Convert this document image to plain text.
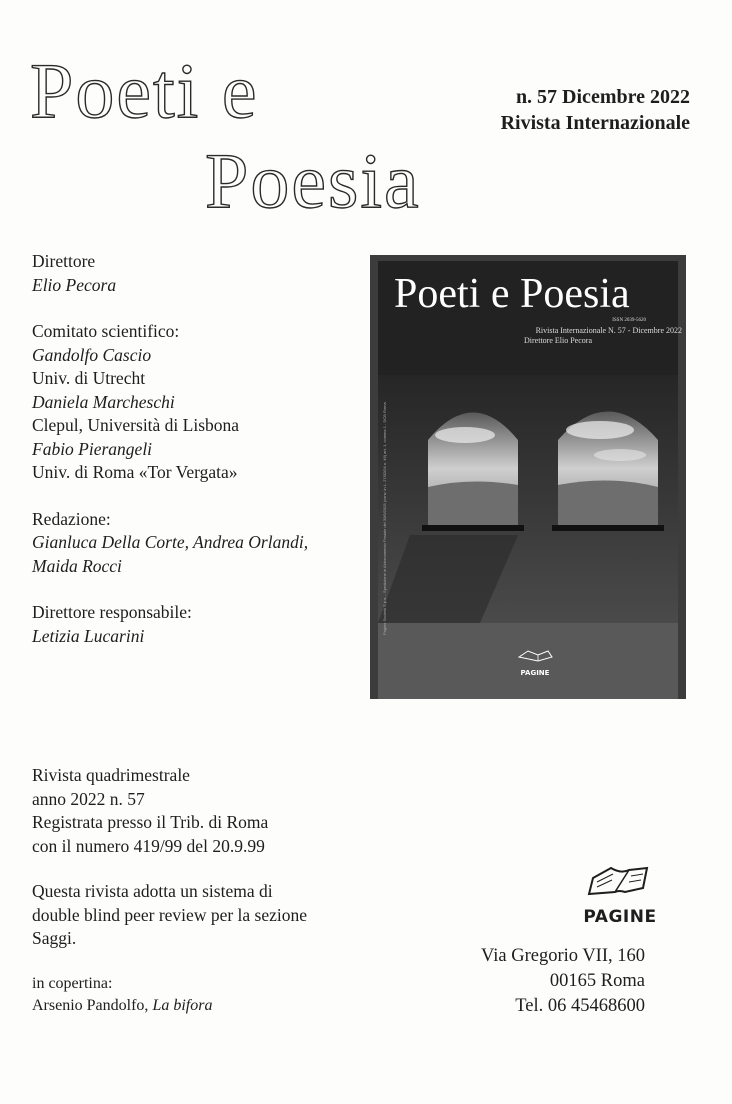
Poeti e
Poesia
n. 57 Dicembre 2022
Rivista Internazionale
Direttore
Elio Pecora
Comitato scientifico:
Gandolfo Cascio
Univ. di Utrecht
Daniela Marcheschi
Clepul, Università di Lisbona
Fabio Pierangeli
Univ. di Roma «Tor Vergata»
Redazione:
Gianluca Della Corte, Andrea Orlandi,
Maida Rocci
Direttore responsabile:
Letizia Lucarini
Poeti e Poesia
ISSN 2039-5620
Rivista Internazionale N. 57 - Dicembre 2022
Direttore Elio Pecora
Pagine Società S.p.a. - Spedizione in Abbonamento Postale del 30/9/2003 (conv. in L. 27/02/04 n. 46) art. 1, comma 1 - DCB Roma
PAGINE
Rivista quadrimestrale
anno 2022 n. 57
Registrata presso il Trib. di Roma
con il numero 419/99 del 20.9.99
Questa rivista adotta un sistema di
double blind peer review per la sezione
Saggi.
in copertina:
Arsenio Pandolfo, La bifora
PAGINE
Via Gregorio VII, 160
00165 Roma
Tel. 06 45468600
